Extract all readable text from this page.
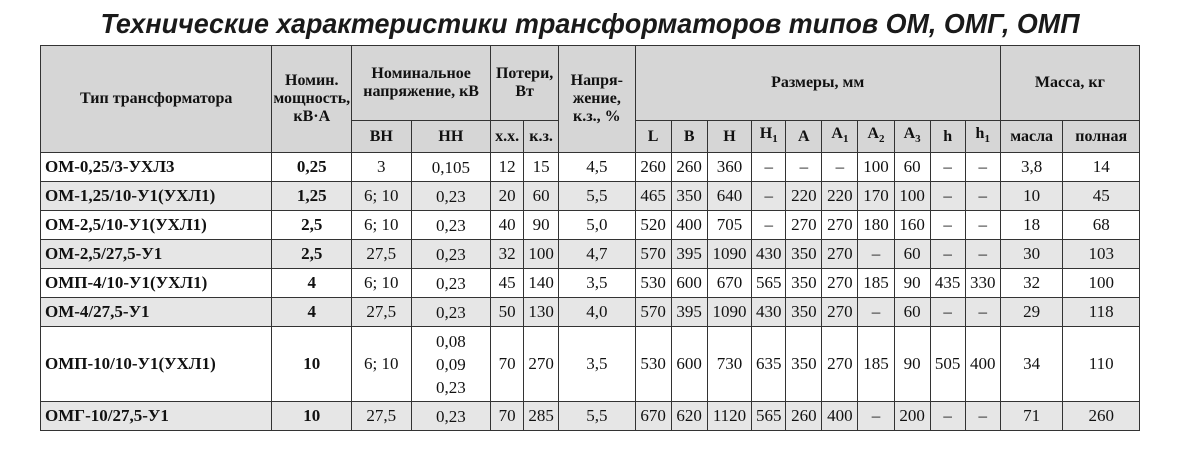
Технические характеристики трансформаторов типов ОМ, ОМГ, ОМП
Тип трансформатора	Номин. мощность, кВ·А	Номинальное напряжение, кВ		Потери, Вт		Напря- жение, к.з., %	Размеры, мм										Масса, кг	
		ВН	НН	х.х.	к.з.		L	B	H	$H_1$	A	$A_1$	$A_2$	$A_3$	h	$h_1$	масла	полная
ОМ-0,25/3-УХЛ3	0,25	3	0,105	12	15	4,5	260	260	360	–	–	–	100	60	–	–	3,8	14
ОМ-1,25/10-У1(УХЛ1)	1,25	6; 10	0,23	20	60	5,5	465	350	640	–	220	220	170	100	–	–	10	45
ОМ-2,5/10-У1(УХЛ1)	2,5	6; 10	0,23	40	90	5,0	520	400	705	–	270	270	180	160	–	–	18	68
ОМ-2,5/27,5-У1	2,5	27,5	0,23	32	100	4,7	570	395	1090	430	350	270	–	60	–	–	30	103
ОМП-4/10-У1(УХЛ1)	4	6; 10	0,23	45	140	3,5	530	600	670	565	350	270	185	90	435	330	32	100
ОМ-4/27,5-У1	4	27,5	0,23	50	130	4,0	570	395	1090	430	350	270	–	60	–	–	29	118
ОМП-10/10-У1(УХЛ1)	10	6; 10	0,08
0,09
0,23	70	270	3,5	530	600	730	635	350	270	185	90	505	400	34	110
ОМГ-10/27,5-У1	10	27,5	0,23	70	285	5,5	670	620	1120	565	260	400	–	200	–	–	71	260
